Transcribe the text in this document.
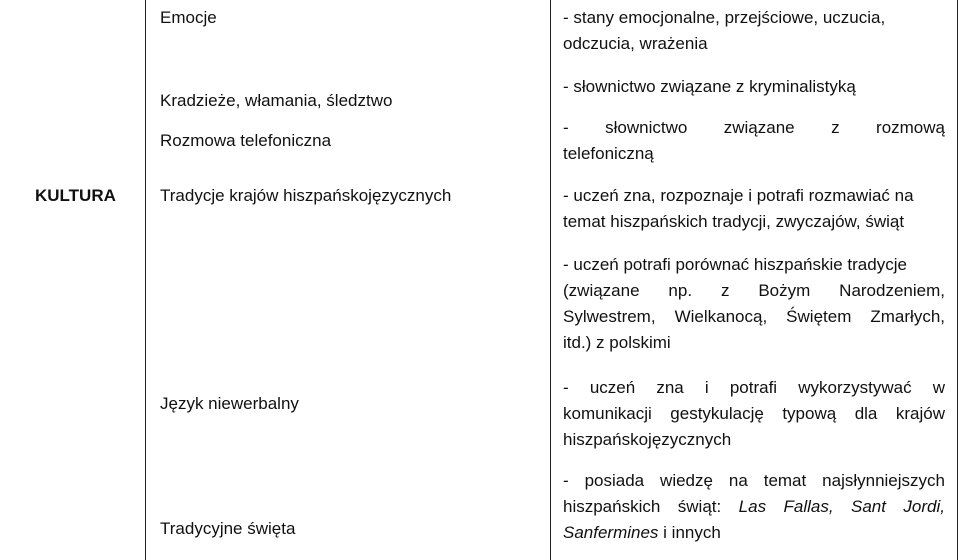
KULTURA
Emocje
Kradzieże, włamania, śledztwo
Rozmowa telefoniczna
Tradycje krajów hiszpańskojęzycznych
Język niewerbalny
Tradycyjne święta
- stany emocjonalne, przejściowe, uczucia,
odczucia, wrażenia
- słownictwo związane z kryminalistyką
- słownictwo związane z rozmową
telefoniczną
- uczeń zna, rozpoznaje i potrafi rozmawiać na
temat hiszpańskich tradycji, zwyczajów, świąt
- uczeń potrafi porównać hiszpańskie tradycje
(związane np. z Bożym Narodzeniem,
Sylwestrem, Wielkanocą, Świętem Zmarłych,
itd.) z polskimi
- uczeń zna i potrafi wykorzystywać w
komunikacji gestykulację typową dla krajów
hiszpańskojęzycznych
- posiada wiedzę na temat najsłynniejszych
hiszpańskich świąt: Las Fallas, Sant Jordi,
Sanfermines i innych
